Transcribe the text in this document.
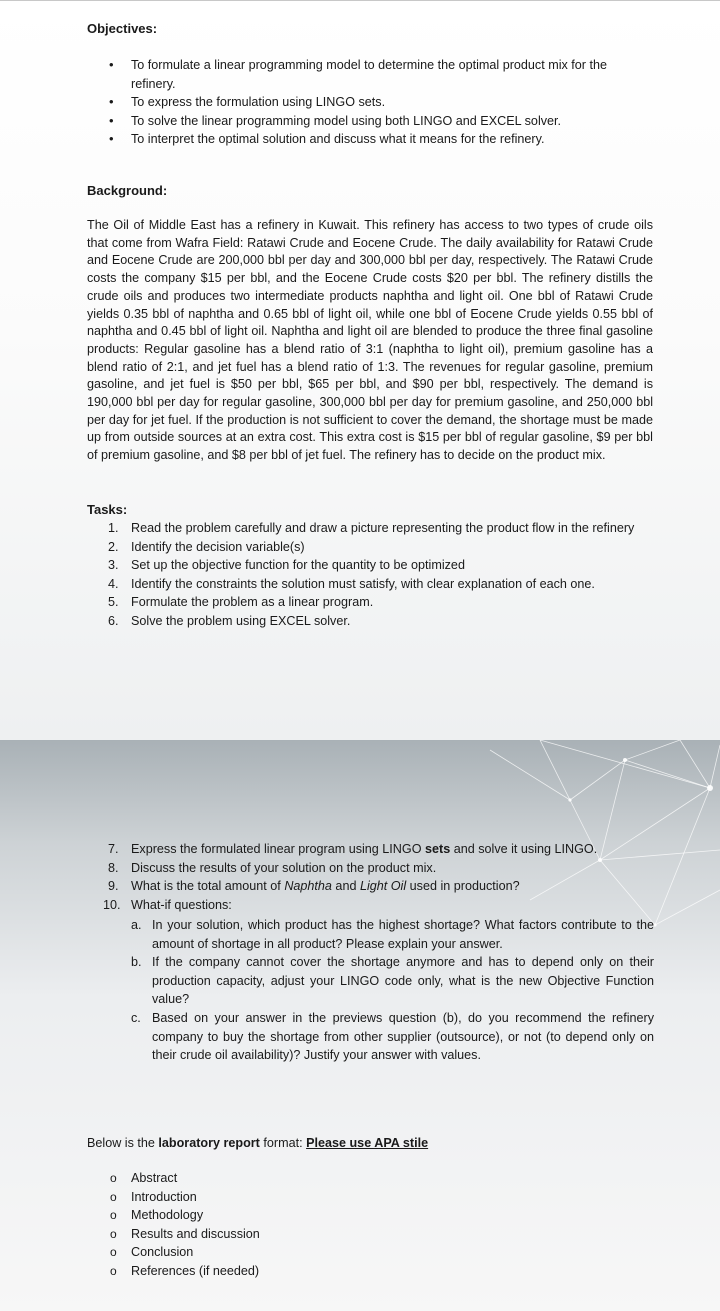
Objectives:
• To formulate a linear programming model to determine the optimal product mix for the refinery.
• To express the formulation using LINGO sets.
• To solve the linear programming model using both LINGO and EXCEL solver.
• To interpret the optimal solution and discuss what it means for the refinery.
Background:

The Oil of Middle East has a refinery in Kuwait. This refinery has access to two types of crude oils that come from Wafra Field: Ratawi Crude and Eocene Crude. The daily availability for Ratawi Crude and Eocene Crude are 200,000 bbl per day and 300,000 bbl per day, respectively. The Ratawi Crude costs the company $15 per bbl, and the Eocene Crude costs $20 per bbl. The refinery distills the crude oils and produces two intermediate products naphtha and light oil. One bbl of Ratawi Crude yields 0.35 bbl of naphtha and 0.65 bbl of light oil, while one bbl of Eocene Crude yields 0.55 bbl of naphtha and 0.45 bbl of light oil. Naphtha and light oil are blended to produce the three final gasoline products: Regular gasoline has a blend ratio of 3:1 (naphtha to light oil), premium gasoline has a blend ratio of 2:1, and jet fuel has a blend ratio of 1:3. The revenues for regular gasoline, premium gasoline, and jet fuel is $50 per bbl, $65 per bbl, and $90 per bbl, respectively. The demand is 190,000 bbl per day for regular gasoline, 300,000 bbl per day for premium gasoline, and 250,000 bbl per day for jet fuel. If the production is not sufficient to cover the demand, the shortage must be made up from outside sources at an extra cost. This extra cost is $15 per bbl of regular gasoline, $9 per bbl of premium gasoline, and $8 per bbl of jet fuel. The refinery has to decide on the product mix.

Tasks:
1. Read the problem carefully and draw a picture representing the product flow in the refinery
2. Identify the decision variable(s)
3. Set up the objective function for the quantity to be optimized
4. Identify the constraints the solution must satisfy, with clear explanation of each one.
5. Formulate the problem as a linear program.
6. Solve the problem using EXCEL solver.
7. Express the formulated linear program using LINGO sets and solve it using LINGO.
8. Discuss the results of your solution on the product mix.
9. What is the total amount of Naphtha and Light Oil used in production?
10. What-if questions:
a. In your solution, which product has the highest shortage? What factors contribute to the amount of shortage in all product? Please explain your answer.
b. If the company cannot cover the shortage anymore and has to depend only on their production capacity, adjust your LINGO code only, what is the new Objective Function value?
c. Based on your answer in the previews question (b), do you recommend the refinery company to buy the shortage from other supplier (outsource), or not (to depend only on their crude oil availability)? Justify your answer with values.
Below is the laboratory report format: Please use APA stile
o Abstract
o Introduction
o Methodology
o Results and discussion
o Conclusion
o References (if needed)
